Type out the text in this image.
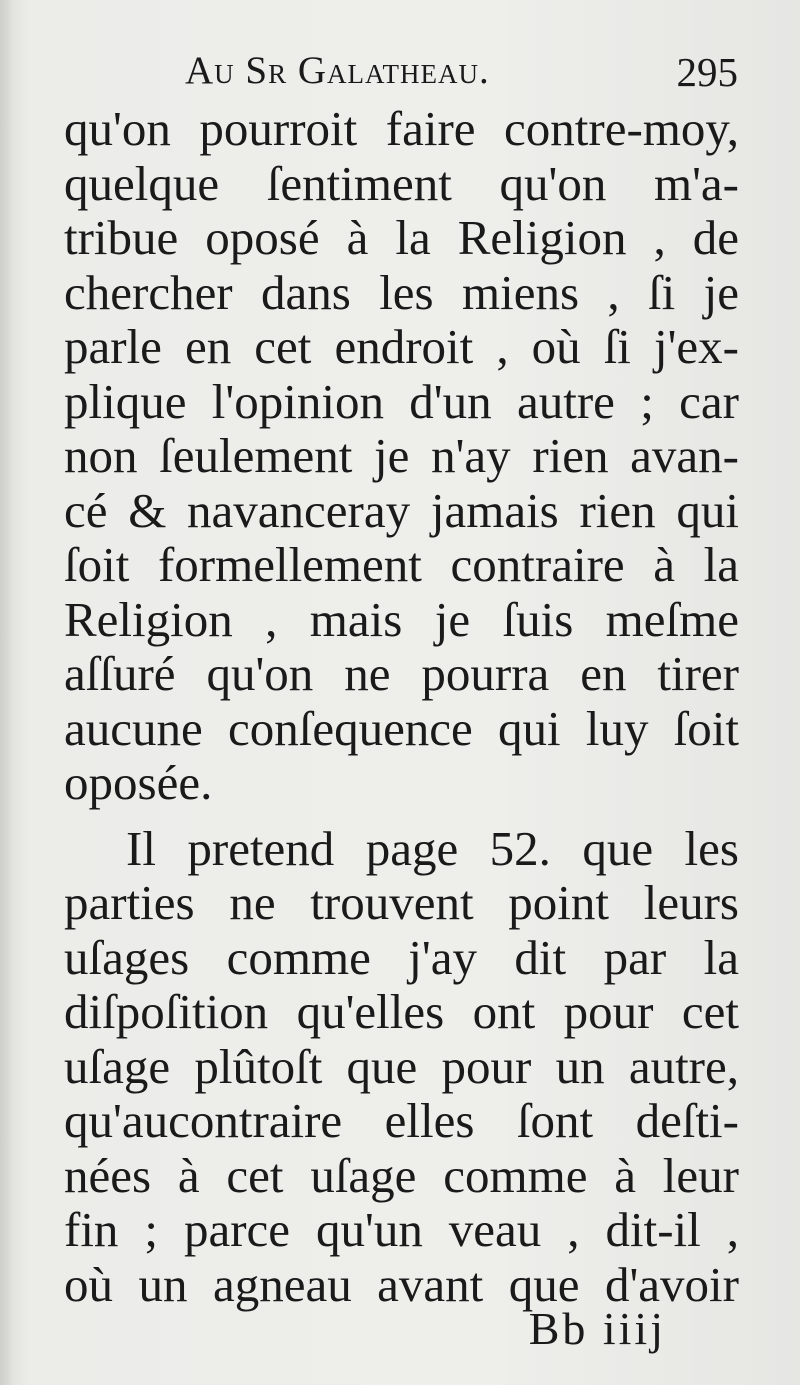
Au Sr Galatheau.	295
qu'on pourroit faire contre-moy,
quelque ſentiment qu'on m'a-
tribue oposé à la Religion , de
chercher dans les miens , ſi je
parle en cet endroit , où ſi j'ex-
plique l'opinion d'un autre ; car
non ſeulement je n'ay rien avan-
cé & navanceray jamais rien qui
ſoit formellement contraire à la
Religion , mais je ſuis meſme
aſſuré qu'on ne pourra en tirer
aucune conſequence qui luy ſoit
oposée.
Il pretend page 52. que les
parties ne trouvent point leurs
uſages comme j'ay dit par la
diſpoſition qu'elles ont pour cet
uſage plûtoſt que pour un autre,
qu'aucontraire elles ſont deſti-
nées à cet uſage comme à leur
fin ; parce qu'un veau , dit-il ,
où un agneau avant que d'avoir
Bb iiij
